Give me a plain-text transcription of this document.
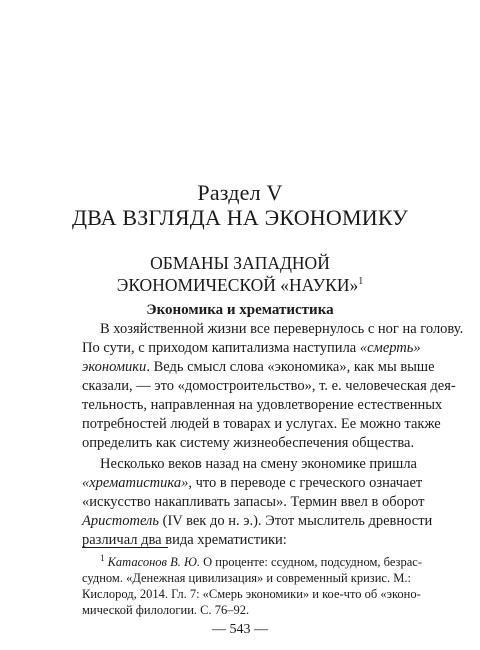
Раздел V
ДВА ВЗГЛЯДА НА ЭКОНОМИКУ
ОБМАНЫ ЗАПАДНОЙ
ЭКОНОМИЧЕСКОЙ «НАУКИ»$^1$
Экономика и хрематистика
В хозяйственной жизни все перевернулось с ног на голову.
По сути, с приходом капитализма наступила «смерть»
экономики. Ведь смысл слова «экономика», как мы выше
сказали, — это «домостроительство», т. е. человеческая дея-
тельность, направленная на удовлетворение естественных
потребностей людей в товарах и услугах. Ее можно также
определить как систему жизнеобеспечения общества.
Несколько веков назад на смену экономике пришла
«хрематистика», что в переводе с греческого означает
«искусство накапливать запасы». Термин ввел в оборот
Аристотель (IV век до н. э.). Этот мыслитель древности
различал два вида хрематистики:
$^1$ Катасонов В. Ю. О проценте: ссудном, подсудном, безрас-
судном. «Денежная цивилизация» и современный кризис. М.:
Кислород, 2014. Гл. 7: «Смерь экономики» и кое-что об «эконо-
мической филологии. С. 76–92.
— 543 —
